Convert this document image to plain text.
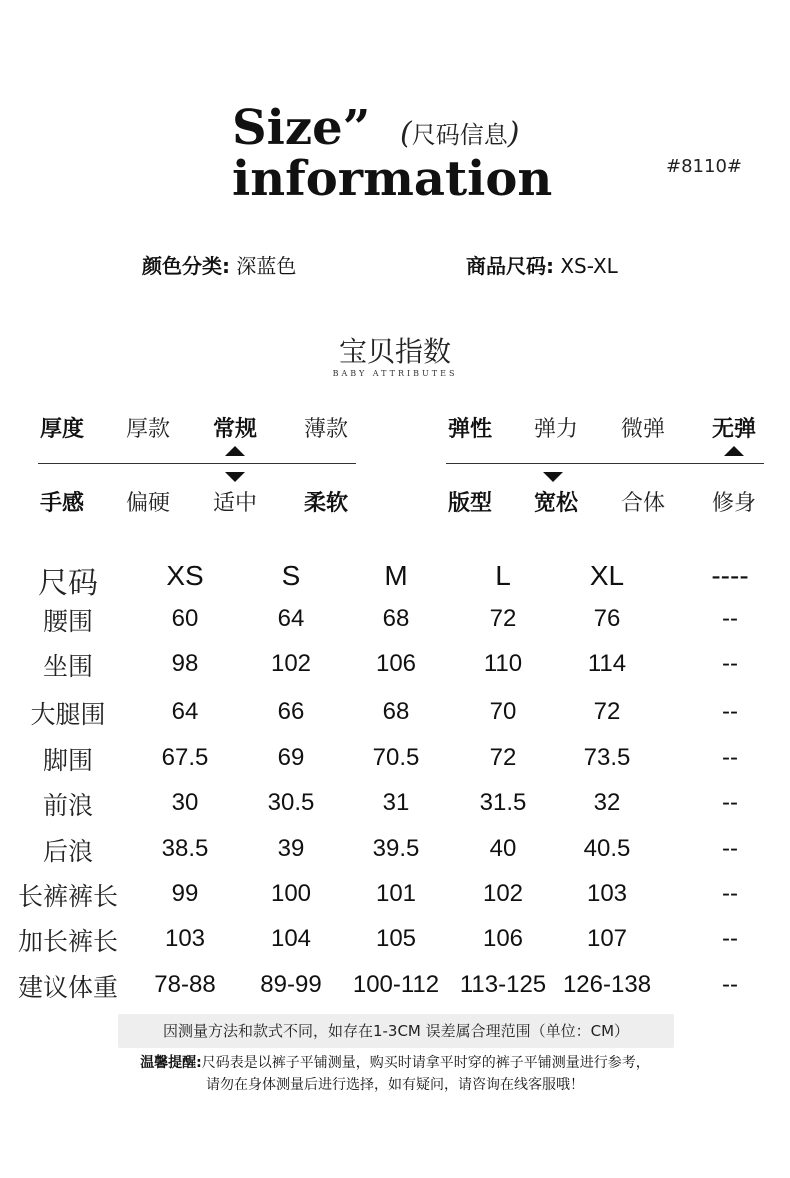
Size”
information
(尺码信息)
#8110#
颜色分类: 深蓝色	商品尺码: XS-XL
宝贝指数
BABY ATTRIBUTES
厚度 厚款 常规 薄款
手感 偏硬 适中 柔软
弹性 弹力 微弹 无弹
版型 宽松 合体 修身
尺码 XS	S	M	L	XL	----
腰围	60	64	68	72	76	--
坐围	98	102	106	110	114	--
大腿围	64	66	68	70	72	--
脚围	67.5	69	70.5	72	73.5	--
前浪	30	30.5	31	31.5	32	--
后浪	38.5	39	39.5	40	40.5	--
长裤裤长 99	100	101	102	103	--
加长裤长 103	104	105	106	107	--
建议体重 78-88 89-99 100-112 113-125 126-138	--
因测量方法和款式不同，如存在1-3CM 误差属合理范围（单位：CM）
温馨提醒:尺码表是以裤子平铺测量，购买时请拿平时穿的裤子平铺测量进行参考，
请勿在身体测量后进行选择，如有疑问，请咨询在线客服哦！
